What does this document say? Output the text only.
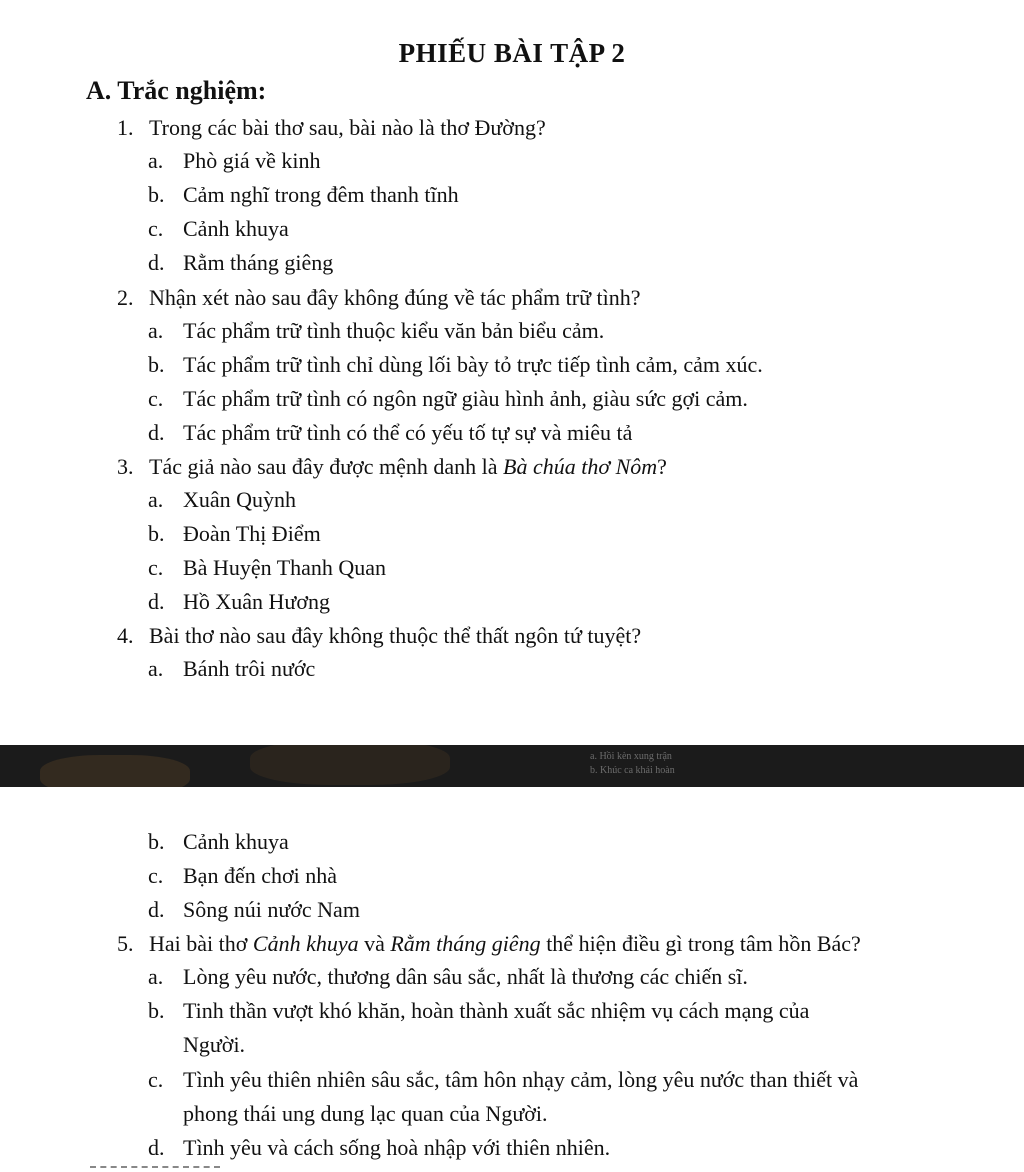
PHIẾU BÀI TẬP 2
A. Trắc nghiệm:
1. Trong các bài thơ sau, bài nào là thơ Đường?
a. Phò giá về kinh
b. Cảm nghĩ trong đêm thanh tĩnh
c. Cảnh khuya
d. Rằm tháng giêng
2. Nhận xét nào sau đây không đúng về tác phẩm trữ tình?
a. Tác phẩm trữ tình thuộc kiểu văn bản biểu cảm.
b. Tác phẩm trữ tình chỉ dùng lối bày tỏ trực tiếp tình cảm, cảm xúc.
c. Tác phẩm trữ tình có ngôn ngữ giàu hình ảnh, giàu sức gợi cảm.
d. Tác phẩm trữ tình có thể có yếu tố tự sự và miêu tả
3. Tác giả nào sau đây được mệnh danh là Bà chúa thơ Nôm?
a. Xuân Quỳnh
b. Đoàn Thị Điểm
c. Bà Huyện Thanh Quan
d. Hồ Xuân Hương
4. Bài thơ nào sau đây không thuộc thể thất ngôn tứ tuyệt?
a. Bánh trôi nước
a. Hồi kèn xung trận
b. Khúc ca khải hoàn
b. Cảnh khuya
c. Bạn đến chơi nhà
d. Sông núi nước Nam
5. Hai bài thơ Cảnh khuya và Rằm tháng giêng thể hiện điều gì trong tâm hồn Bác?
a. Lòng yêu nước, thương dân sâu sắc, nhất là thương các chiến sĩ.
b. Tinh thần vượt khó khăn, hoàn thành xuất sắc nhiệm vụ cách mạng của
Người.
c. Tình yêu thiên nhiên sâu sắc, tâm hôn nhạy cảm, lòng yêu nước than thiết và
phong thái ung dung lạc quan của Người.
d. Tình yêu và cách sống hoà nhập với thiên nhiên.
